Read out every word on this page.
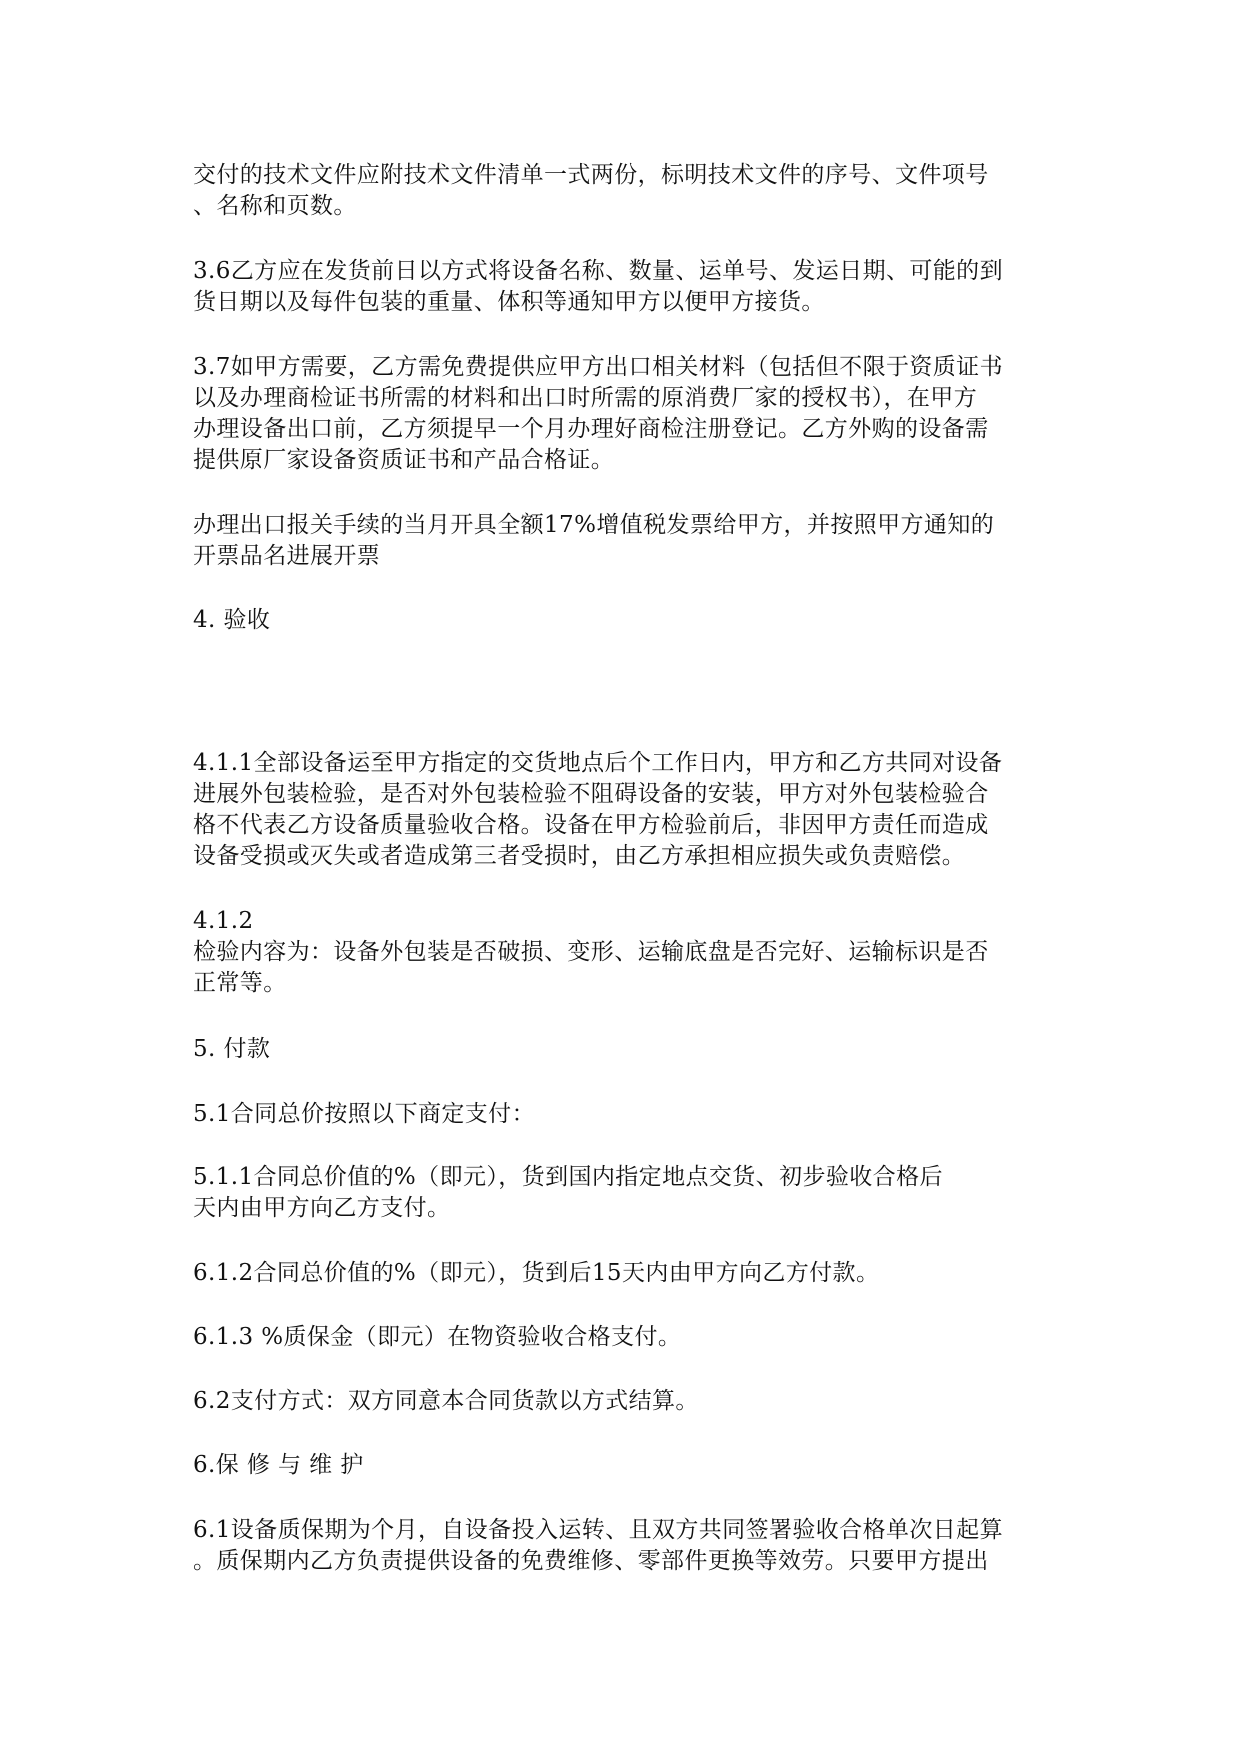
交付的技术文件应附技术文件清单一式两份，标明技术文件的序号、文件项号

、名称和页数。

3.6乙方应在发货前日以方式将设备名称、数量、运单号、发运日期、可能的到

货日期以及每件包装的重量、体积等通知甲方以便甲方接货。

3.7如甲方需要，乙方需免费提供应甲方出口相关材料（包括但不限于资质证书

以及办理商检证书所需的材料和出口时所需的原消费厂家的授权书），在甲方

办理设备出口前，乙方须提早一个月办理好商检注册登记。乙方外购的设备需

提供原厂家设备资质证书和产品合格证。

办理出口报关手续的当月开具全额17%增值税发票给甲方，并按照甲方通知的

开票品名进展开票

4. 验收

4.1.1全部设备运至甲方指定的交货地点后个工作日内，甲方和乙方共同对设备

进展外包装检验，是否对外包装检验不阻碍设备的安装，甲方对外包装检验合

格不代表乙方设备质量验收合格。设备在甲方检验前后，非因甲方责任而造成

设备受损或灭失或者造成第三者受损时，由乙方承担相应损失或负责赔偿。

4.1.2

检验内容为：设备外包装是否破损、变形、运输底盘是否完好、运输标识是否

正常等。

5. 付款

5.1合同总价按照以下商定支付：

5.1.1合同总价值的%（即元），货到国内指定地点交货、初步验收合格后

天内由甲方向乙方支付。

6.1.2合同总价值的%（即元），货到后15天内由甲方向乙方付款。

6.1.3 %质保金（即元）在物资验收合格支付。

6.2支付方式：双方同意本合同货款以方式结算。

6.保 修 与 维 护

6.1设备质保期为个月，自设备投入运转、且双方共同签署验收合格单次日起算

。质保期内乙方负责提供设备的免费维修、零部件更换等效劳。只要甲方提出
